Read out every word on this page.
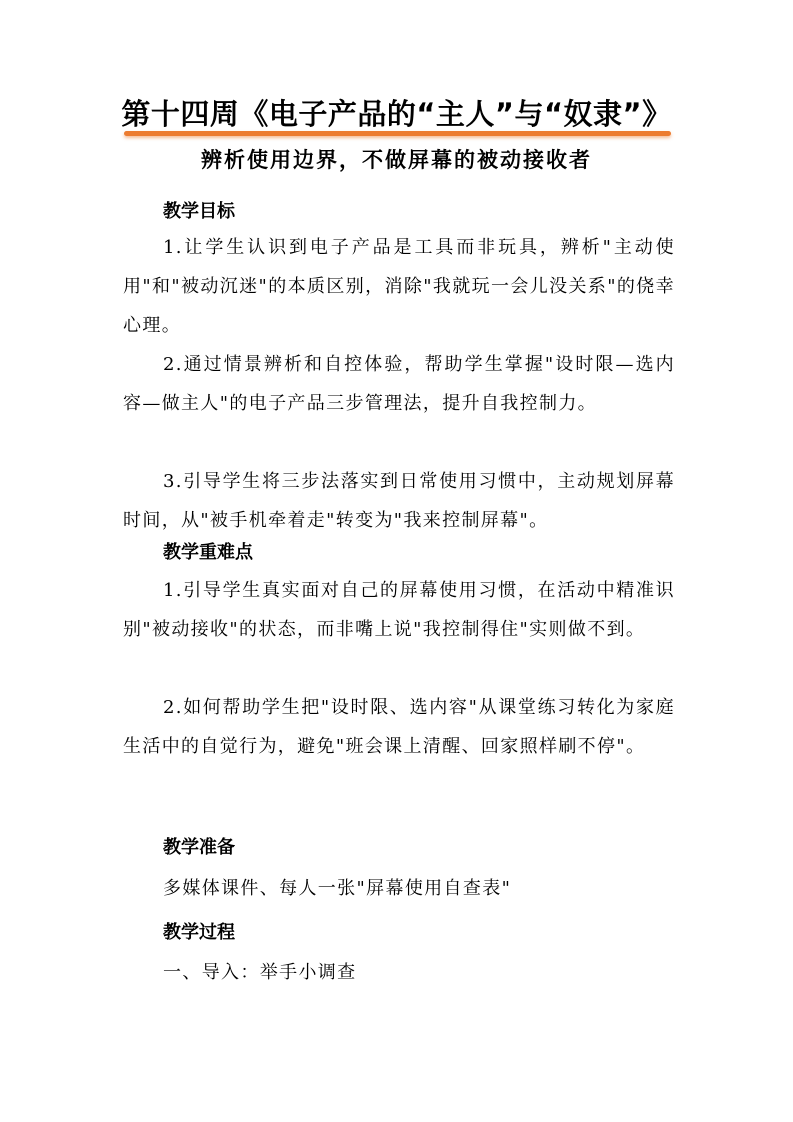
第十四周《电子产品的“主人”与“奴隶”》
辨析使用边界，不做屏幕的被动接收者
教学目标

1.让学生认识到电子产品是工具而非玩具，辨析"主动使用"和"被动沉迷"的本质区别，消除"我就玩一会儿没关系"的侥幸心理。

2.通过情景辨析和自控体验，帮助学生掌握"设时限—选内容—做主人"的电子产品三步管理法，提升自我控制力。

3.引导学生将三步法落实到日常使用习惯中，主动规划屏幕时间，从"被手机牵着走"转变为"我来控制屏幕"。

教学重难点

1.引导学生真实面对自己的屏幕使用习惯，在活动中精准识别"被动接收"的状态，而非嘴上说"我控制得住"实则做不到。

2.如何帮助学生把"设时限、选内容"从课堂练习转化为家庭生活中的自觉行为，避免"班会课上清醒、回家照样刷不停"。

教学准备
多媒体课件、每人一张"屏幕使用自查表"
教学过程
一、导入：举手小调查
